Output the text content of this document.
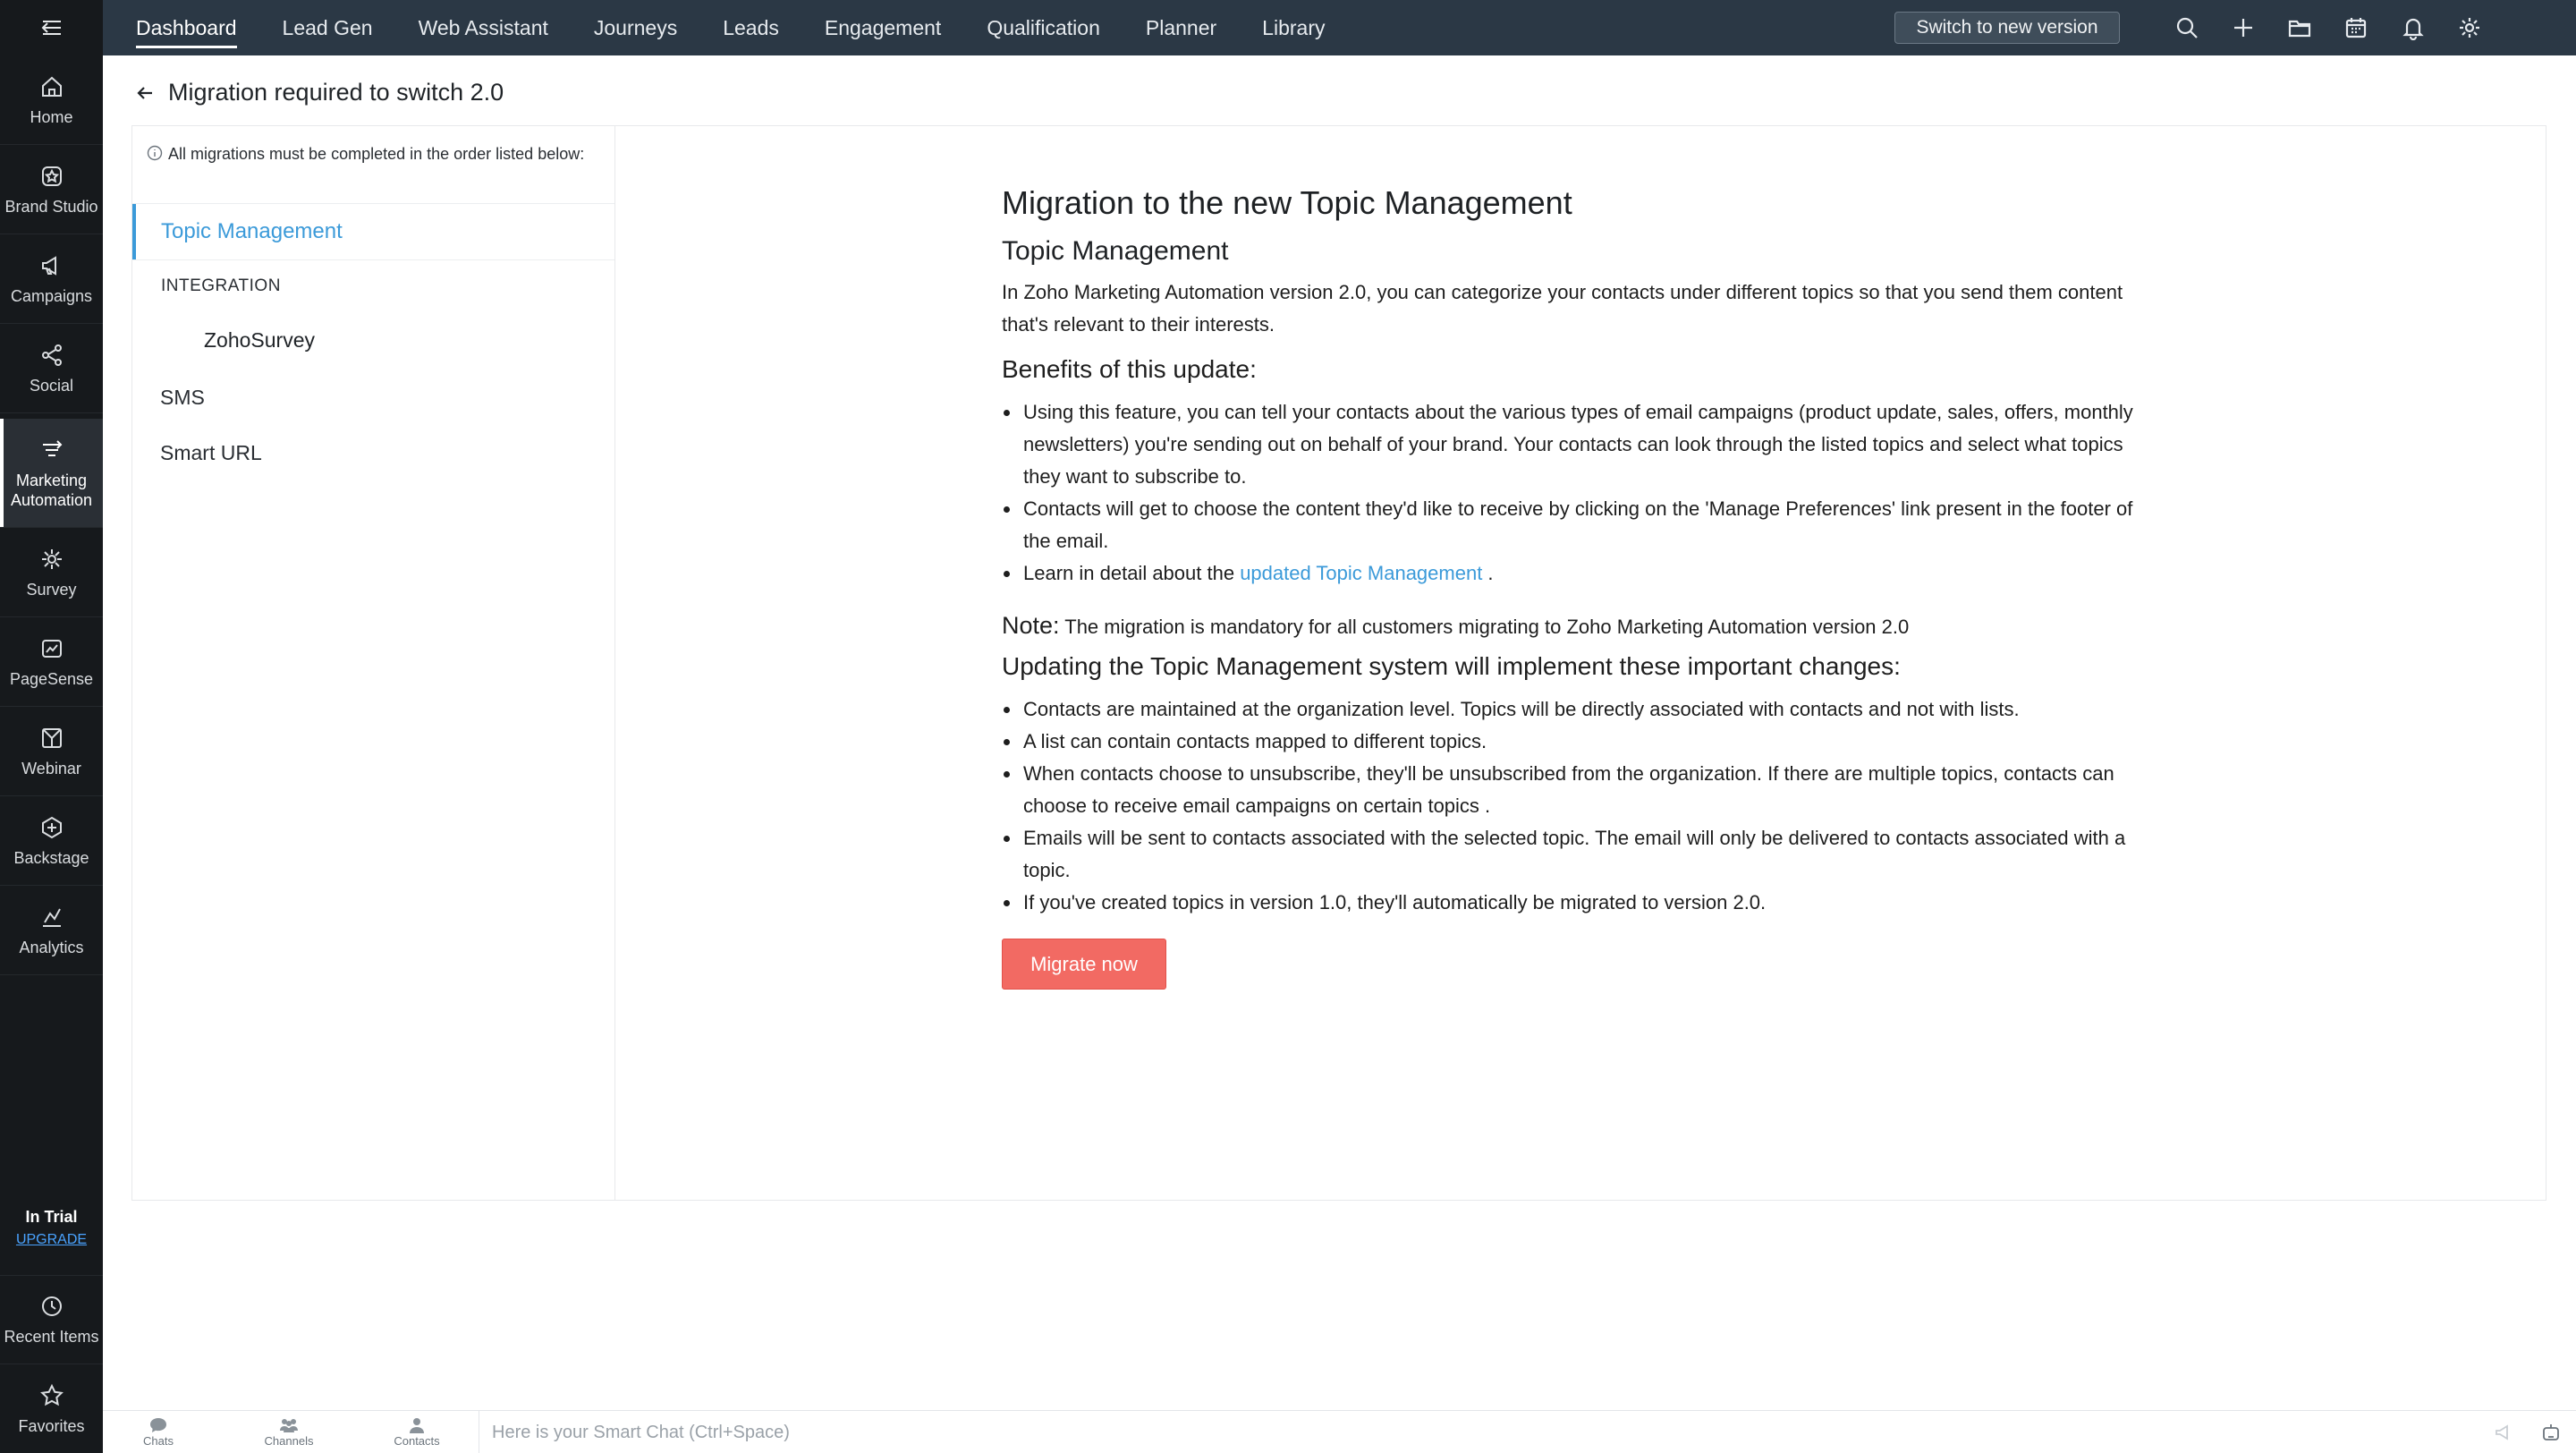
Home
Brand Studio
Campaigns
Social
Marketing Automation
Survey
PageSense
Webinar
Backstage
Analytics
In Trial
UPGRADE
Recent Items
Favorites
Dashboard Lead Gen Web Assistant Journeys Leads Engagement Qualification Planner Library	Switch to new version
Migration required to switch 2.0
All migrations must be completed in the order listed below:
Topic Management
INTEGRATION
ZohoSurvey
SMS
Smart URL
Migration to the new Topic Management
Topic Management
In Zoho Marketing Automation version 2.0, you can categorize your contacts under different topics so that you send them content that's relevant to their interests.
Benefits of this update:
Using this feature, you can tell your contacts about the various types of email campaigns (product update, sales, offers, monthly newsletters) you're sending out on behalf of your brand. Your contacts can look through the listed topics and select what topics they want to subscribe to.
Contacts will get to choose the content they'd like to receive by clicking on the 'Manage Preferences' link present in the footer of the email.
Learn in detail about the updated Topic Management .
Note: The migration is mandatory for all customers migrating to Zoho Marketing Automation version 2.0
Updating the Topic Management system will implement these important changes:
Contacts are maintained at the organization level. Topics will be directly associated with contacts and not with lists.
A list can contain contacts mapped to different topics.
When contacts choose to unsubscribe, they'll be unsubscribed from the organization. If there are multiple topics, contacts can choose to receive email campaigns on certain topics .
Emails will be sent to contacts associated with the selected topic. The email will only be delivered to contacts associated with a topic.
If you've created topics in version 1.0, they'll automatically be migrated to version 2.0.
Migrate now
Chats	Channels	Contacts	Here is your Smart Chat (Ctrl+Space)
